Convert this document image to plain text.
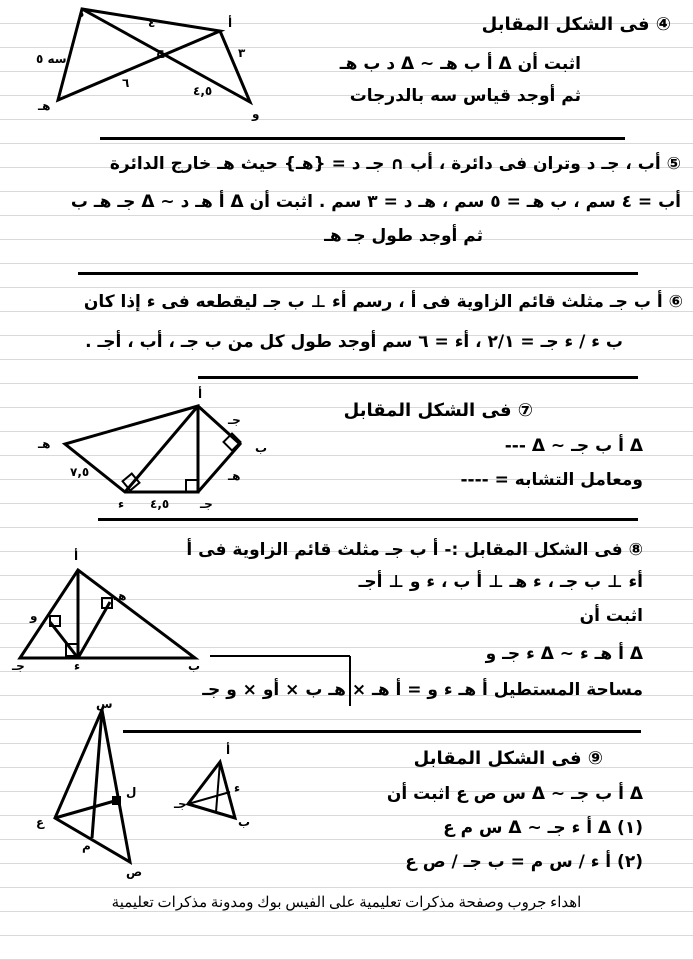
د
هـ
أ
و
ج
٤
٣
٦
٤,٥
سه ٥
④ فى الشكل المقابل
اثبت أن Δ أ ب هـ ~ Δ د ب هـ
ثم أوجد قياس سه بالدرجات
⑤ أب ، جـ د وتران فى دائرة ، أب ∩ جـ د = {هـ} حيث هـ خارج الدائرة
أب = ٤ سم ، ب هـ = ٥ سم ، هـ د = ٣ سم . اثبت أن Δ أ هـ د ~ Δ جـ هـ ب
ثم أوجد طول جـ هـ
⑥ أ ب جـ مثلث قائم الزاوية فى أ ، رسم أء ⊥ ب جـ ليقطعه فى ء إذا كان
ب ء / ء جـ = ٢/١ ، أء = ٦ سم أوجد طول كل من ب جـ ، أب ، أجـ .
أ
هـ	ب
جـ
هـ
ء	جـ
٧,٥
٤,٥
⑦ فى الشكل المقابل
Δ أ ب جـ ~ Δ ---
ومعامل التشابه = ----
أ
جـ	ب
ء
و
هـ
⑧ فى الشكل المقابل :- أ ب جـ مثلث قائم الزاوية فى أ
أء ⊥ ب جـ ، ء هـ ⊥ أ ب ، ء و ⊥ أجـ
اثبت أن
Δ أ هـ ء ~ Δ ء جـ و
مساحة المستطيل أ هـ ء و = أ هـ × هـ ب × أو × و جـ
س
ع
م
ص
ل
أ
جـ
ب
ء
⑨ فى الشكل المقابل
Δ أ ب جـ ~ Δ س ص ع اثبت أن
(١) Δ أ ء جـ ~ Δ س م ع
(٢) أ ء / س م = ب جـ / ص ع
اهداء جروب وصفحة مذكرات تعليمية على الفيس بوك ومدونة مذكرات تعليمية
